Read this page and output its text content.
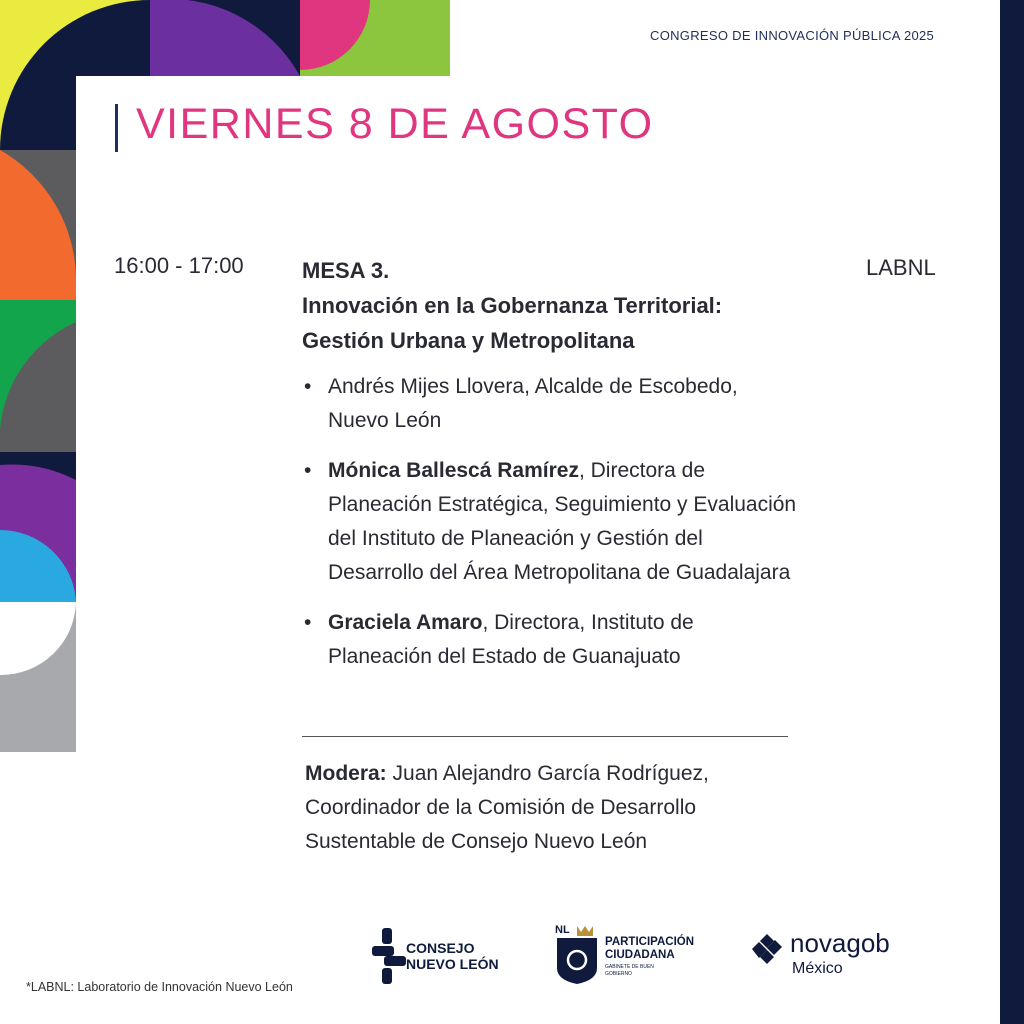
CONGRESO DE INNOVACIÓN PÚBLICA 2025
VIERNES 8 DE AGOSTO
16:00 - 17:00	LABNL
MESA 3.
Innovación en la Gobernanza Territorial:
Gestión Urbana y Metropolitana
• Andrés Mijes Llovera, Alcalde de Escobedo, Nuevo León
• Mónica Ballescá Ramírez, Directora de Planeación Estratégica, Seguimiento y Evaluación del Instituto de Planeación y Gestión del Desarrollo del Área Metropolitana de Guadalajara
• Graciela Amaro, Directora, Instituto de Planeación del Estado de Guanajuato
Modera: Juan Alejandro García Rodríguez, Coordinador de la Comisión de Desarrollo Sustentable de Consejo Nuevo León
CONSEJO
NUEVO LEÓN
NL
PARTICIPACIÓN
CIUDADANA
GABINETE DE BUEN GOBIERNO
novagob
México
*LABNL: Laboratorio de Innovación Nuevo León
